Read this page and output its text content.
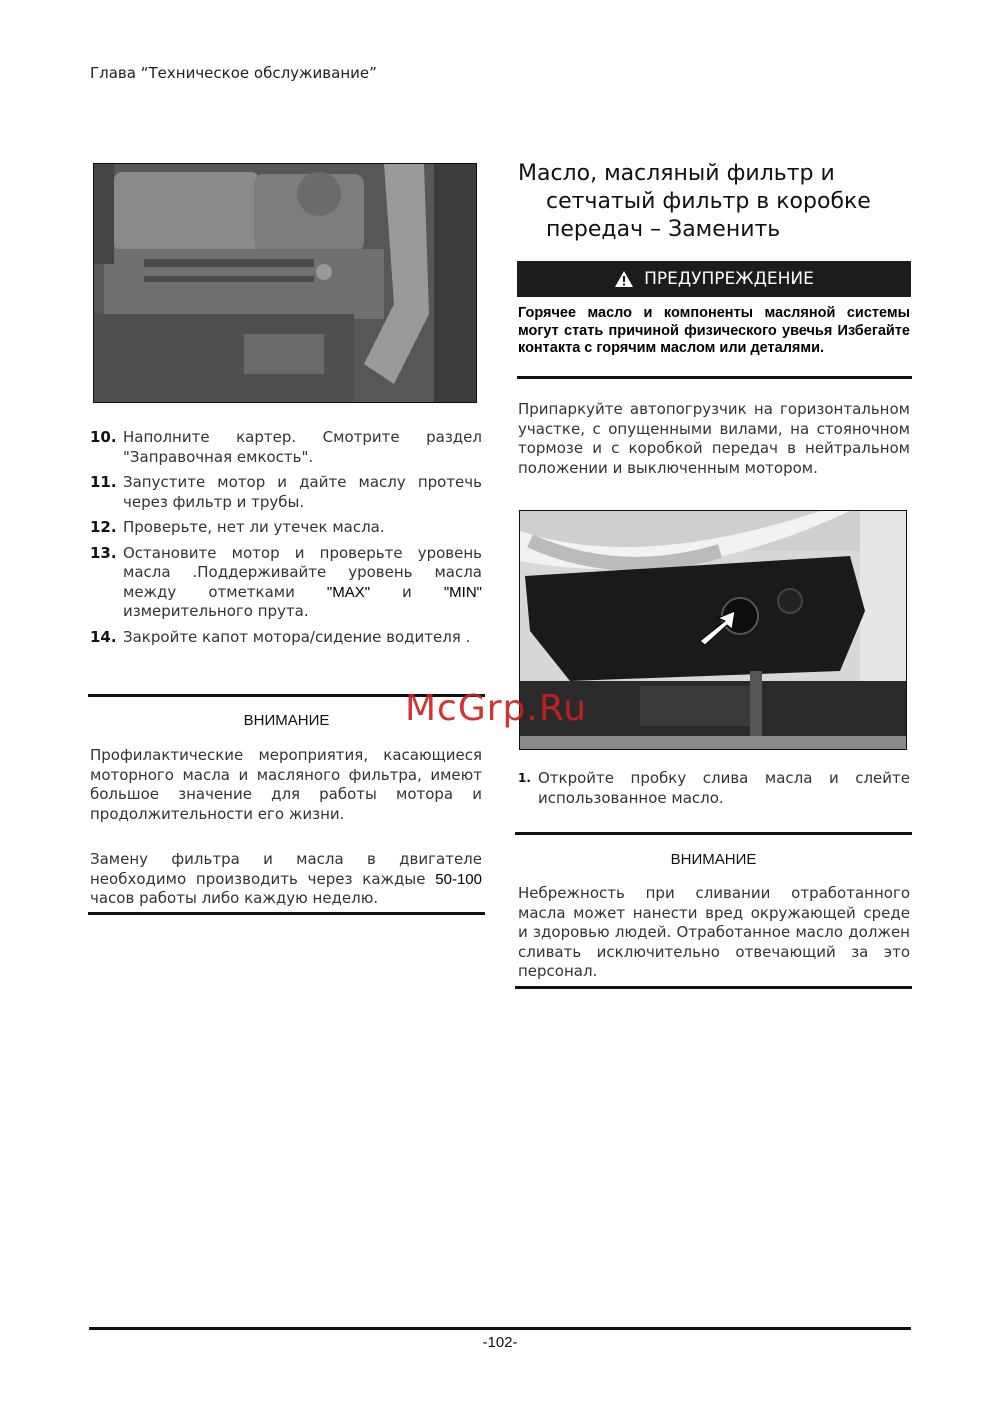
Глава “Техническое обслуживание”
10. Наполните картер. Смотрите раздел "Заправочная емкость".
11. Запустите мотор и дайте маслу протечь через фильтр и трубы.
12. Проверьте, нет ли утечек масла.
13. Остановите мотор и проверьте уровень масла .Поддерживайте уровень масла между отметками "MAX" и "MIN" измерительного прута.
14. Закройте капот мотора/сидение водителя .
ВНИМАНИЕ
Профилактические мероприятия, касающиеся моторного масла и масляного фильтра, имеют большое значение для работы мотора и продолжительности его жизни.
Замену фильтра и масла в двигателе необходимо производить через каждые 50-100 часов работы либо каждую неделю.
Масло, масляный фильтр и
сетчатый фильтр в коробке
передач – Заменить
ПРЕДУПРЕЖДЕНИЕ
Горячее масло и компоненты масляной системы могут стать причиной физического увечья Избегайте контакта с горячим маслом или деталями.
Припаркуйте автопогрузчик на горизонтальном участке, с опущенными вилами, на стояночном тормозе и с коробкой передач в нейтральном положении и выключенным мотором.
McGrp.Ru
1. Откройте пробку слива масла и слейте использованное масло.
ВНИМАНИЕ
Небрежность при сливании отработанного масла может нанести вред окружающей среде и здоровью людей. Отработанное масло должен сливать исключительно отвечающий за это персонал.
-102-
